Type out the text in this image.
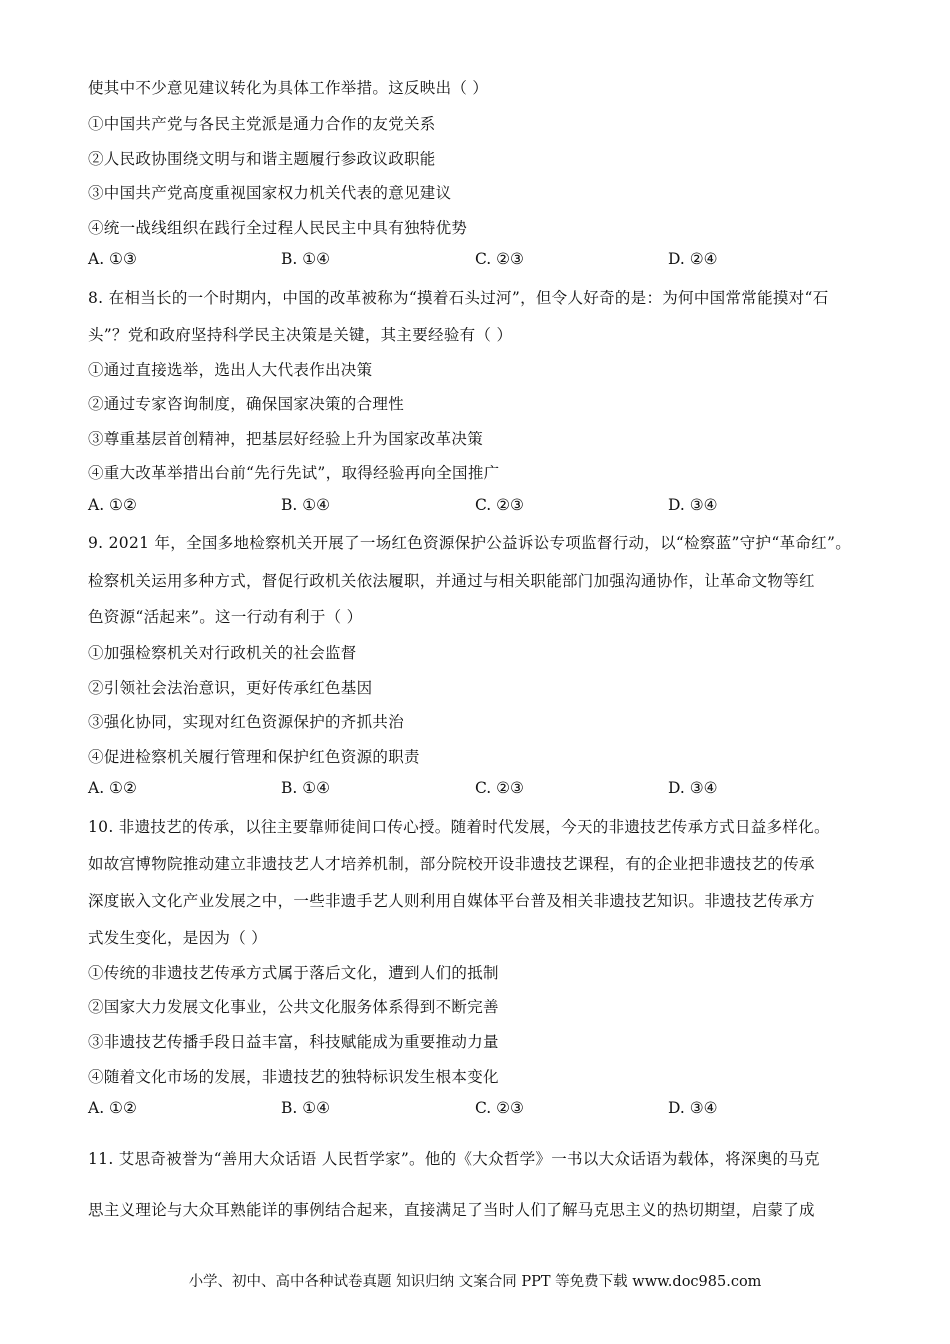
使其中不少意见建议转化为具体工作举措。这反映出（ ）
①中国共产党与各民主党派是通力合作的友党关系
②人民政协围绕文明与和谐主题履行参政议政职能
③中国共产党高度重视国家权力机关代表的意见建议
④统一战线组织在践行全过程人民民主中具有独特优势
A. ①③	B. ①④	C. ②③	D. ②④
8. 在相当长的一个时期内，中国的改革被称为“摸着石头过河”，但令人好奇的是：为何中国常常能摸对“石
头”？党和政府坚持科学民主决策是关键，其主要经验有（ ）
①通过直接选举，选出人大代表作出决策
②通过专家咨询制度，确保国家决策的合理性
③尊重基层首创精神，把基层好经验上升为国家改革决策
④重大改革举措出台前“先行先试”，取得经验再向全国推广
A. ①②	B. ①④	C. ②③	D. ③④
9. 2021 年，全国多地检察机关开展了一场红色资源保护公益诉讼专项监督行动，以“检察蓝”守护“革命红”。
检察机关运用多种方式，督促行政机关依法履职，并通过与相关职能部门加强沟通协作，让革命文物等红
色资源“活起来”。这一行动有利于（ ）
①加强检察机关对行政机关的社会监督
②引领社会法治意识，更好传承红色基因
③强化协同，实现对红色资源保护的齐抓共治
④促进检察机关履行管理和保护红色资源的职责
A. ①②	B. ①④	C. ②③	D. ③④
10. 非遗技艺的传承，以往主要靠师徒间口传心授。随着时代发展，今天的非遗技艺传承方式日益多样化。
如故宫博物院推动建立非遗技艺人才培养机制，部分院校开设非遗技艺课程，有的企业把非遗技艺的传承
深度嵌入文化产业发展之中，一些非遗手艺人则利用自媒体平台普及相关非遗技艺知识。非遗技艺传承方
式发生变化，是因为（ ）
①传统的非遗技艺传承方式属于落后文化，遭到人们的抵制
②国家大力发展文化事业，公共文化服务体系得到不断完善
③非遗技艺传播手段日益丰富，科技赋能成为重要推动力量
④随着文化市场的发展，非遗技艺的独特标识发生根本变化
A. ①②	B. ①④	C. ②③	D. ③④
11. 艾思奇被誉为“善用大众话语 人民哲学家”。他的《大众哲学》一书以大众话语为载体，将深奥的马克
思主义理论与大众耳熟能详的事例结合起来，直接满足了当时人们了解马克思主义的热切期望，启蒙了成
小学、初中、高中各种试卷真题 知识归纳 文案合同 PPT 等免费下载 www.doc985.com
